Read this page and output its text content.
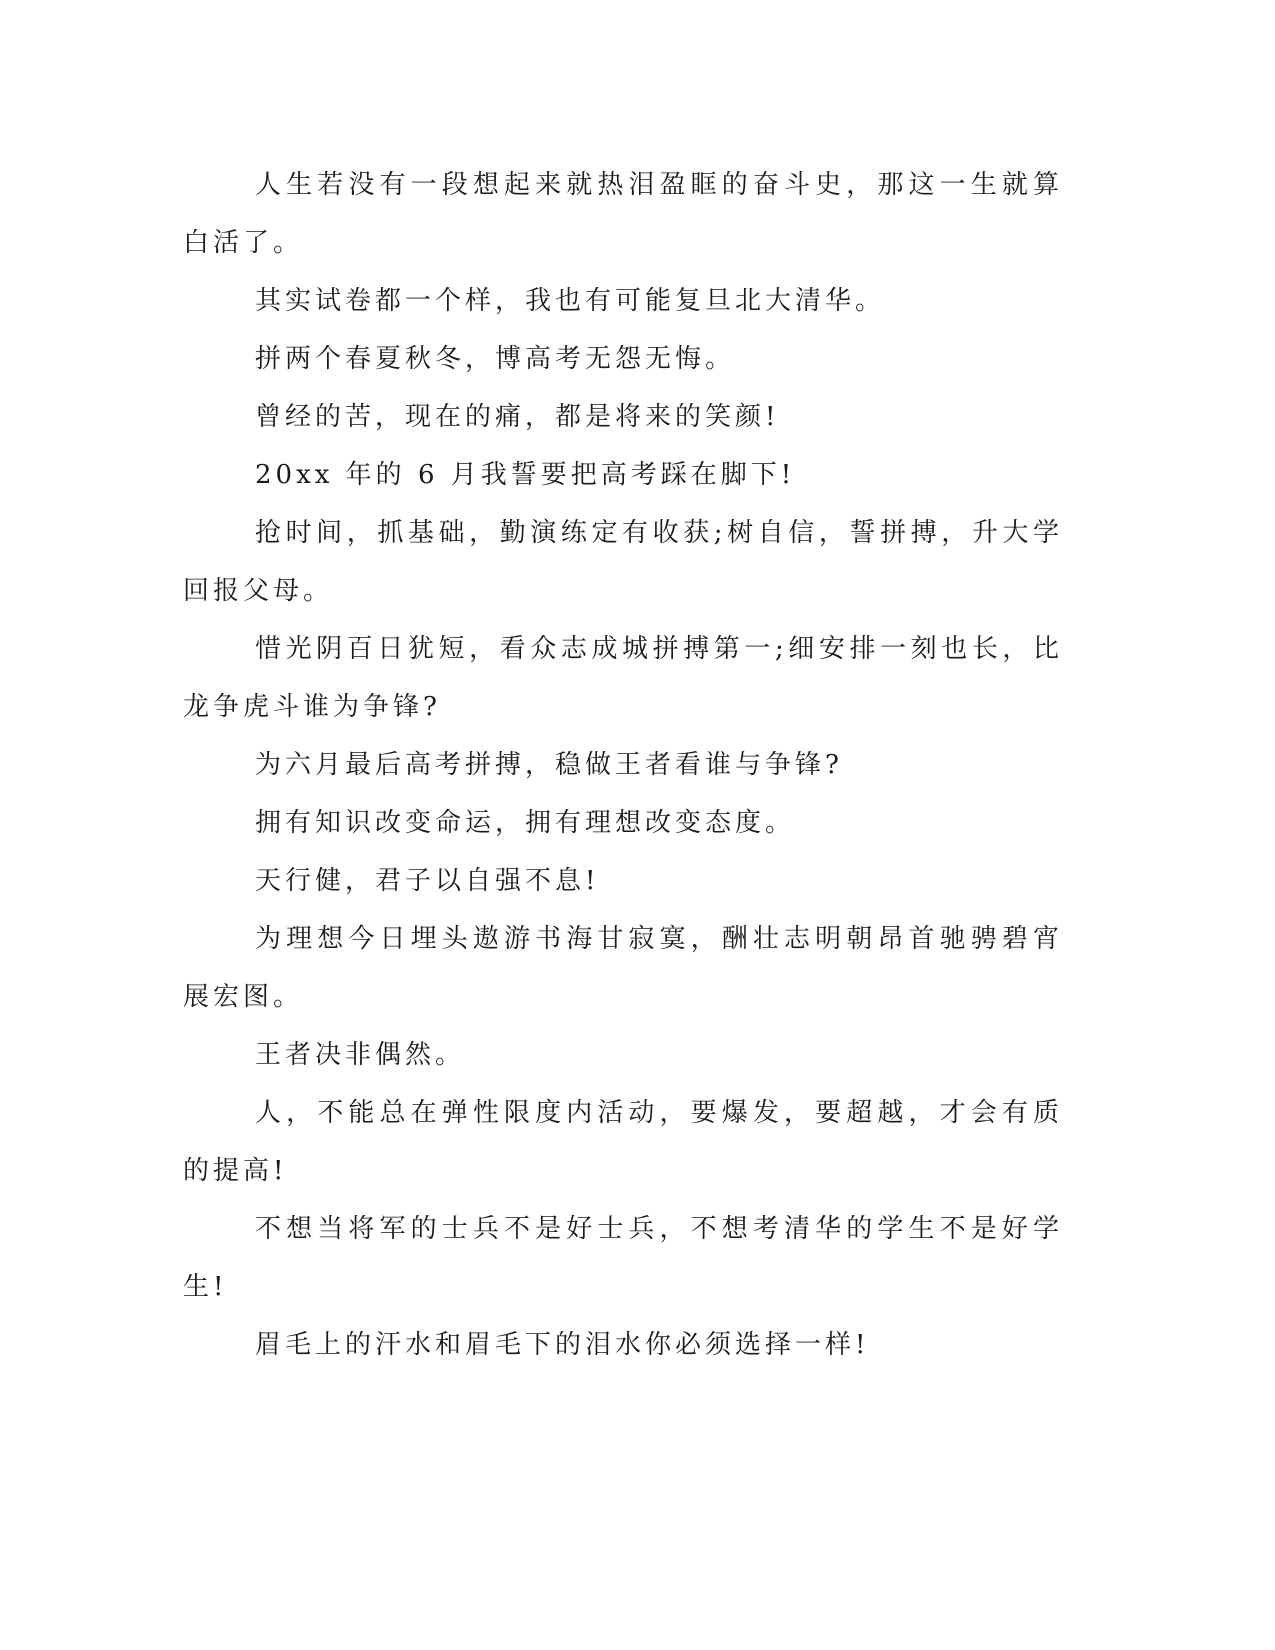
人生若没有一段想起来就热泪盈眶的奋斗史，那这一生就算白活了。

其实试卷都一个样，我也有可能复旦北大清华。

拼两个春夏秋冬，博高考无怨无悔。

曾经的苦，现在的痛，都是将来的笑颜!

20xx 年的 6 月我誓要把高考踩在脚下!

抢时间，抓基础，勤演练定有收获;树自信，誓拼搏，升大学回报父母。

惜光阴百日犹短，看众志成城拼搏第一;细安排一刻也长，比龙争虎斗谁为争锋?

为六月最后高考拼搏，稳做王者看谁与争锋?

拥有知识改变命运，拥有理想改变态度。

天行健，君子以自强不息!

为理想今日埋头遨游书海甘寂寞，酬壮志明朝昂首驰骋碧宵展宏图。

王者决非偶然。

人，不能总在弹性限度内活动，要爆发，要超越，才会有质的提高!

不想当将军的士兵不是好士兵，不想考清华的学生不是好学生!

眉毛上的汗水和眉毛下的泪水你必须选择一样!
